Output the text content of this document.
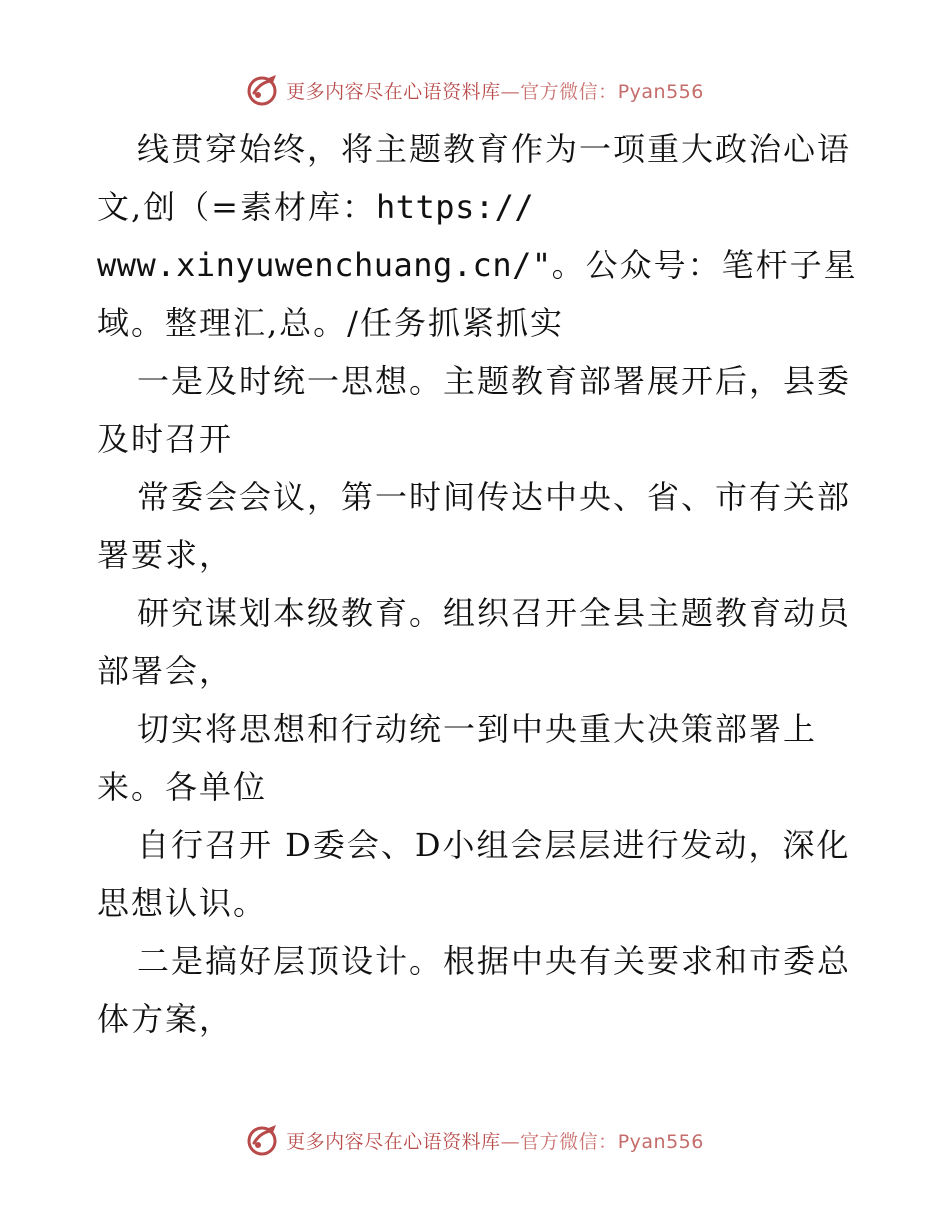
更多内容尽在心语资料库—官方微信：Pyan556
线贯穿始终，将主题教育作为一项重大政治心语
文,创（=素材库：https://
www.xinyuwenchuang.cn/"。公众号：笔杆子星
域。整理汇,总。/任务抓紧抓实
一是及时统一思想。主题教育部署展开后，县委
及时召开
常委会会议，第一时间传达中央、省、市有关部
署要求，
研究谋划本级教育。组织召开全县主题教育动员
部署会，
切实将思想和行动统一到中央重大决策部署上
来。各单位
自行召开 D委会、D小组会层层进行发动，深化
思想认识。
二是搞好层顶设计。根据中央有关要求和市委总
体方案，
更多内容尽在心语资料库—官方微信：Pyan556
